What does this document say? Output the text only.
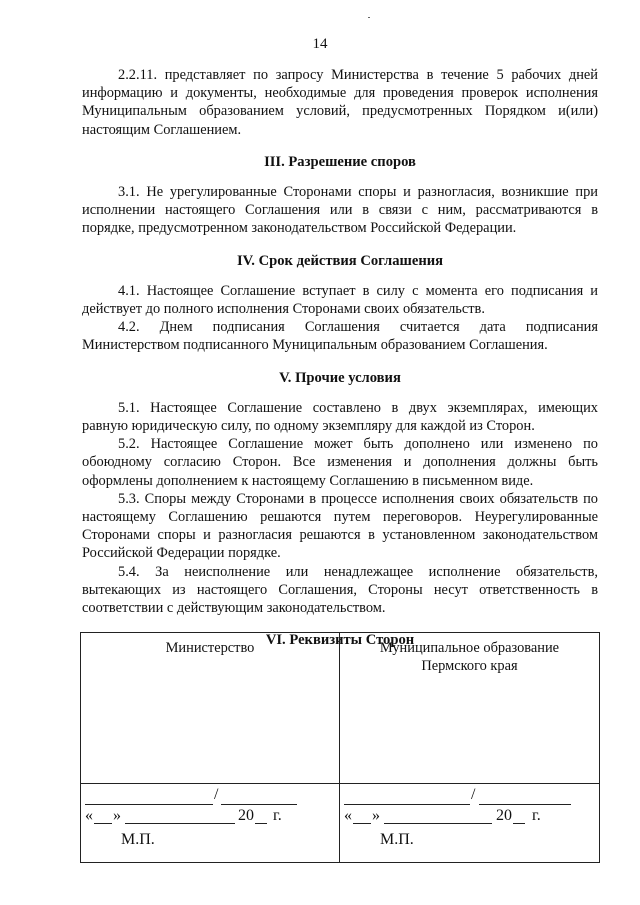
14

2.2.11. представляет по запросу Министерства в течение 5 рабочих дней информацию и документы, необходимые для проведения проверок исполнения Муниципальным образованием условий, предусмотренных Порядком и(или) настоящим Соглашением.

III. Разрешение споров

3.1. Не урегулированные Сторонами споры и разногласия, возникшие при исполнении настоящего Соглашения или в связи с ним, рассматриваются в порядке, предусмотренном законодательством Российской Федерации.

IV. Срок действия Соглашения

4.1. Настоящее Соглашение вступает в силу с момента его подписания и действует до полного исполнения Сторонами своих обязательств.

4.2. Днем подписания Соглашения считается дата подписания Министерством подписанного Муниципальным образованием Соглашения.

V. Прочие условия

5.1. Настоящее Соглашение составлено в двух экземплярах, имеющих равную юридическую силу, по одному экземпляру для каждой из Сторон.

5.2. Настоящее Соглашение может быть дополнено или изменено по обоюдному согласию Сторон. Все изменения и дополнения должны быть оформлены дополнением к настоящему Соглашению в письменном виде.

5.3. Споры между Сторонами в процессе исполнения своих обязательств по настоящему Соглашению решаются путем переговоров. Неурегулированные Сторонами споры и разногласия решаются в установленном законодательством Российской Федерации порядке.

5.4. За неисполнение или ненадлежащее исполнение обязательств, вытекающих из настоящего Соглашения, Стороны несут ответственность в соответствии с действующим законодательством.

VI. Реквизиты Сторон
Министерство
/
« »	20 г.
М.П.
Муниципальное образование
Пермского края
/
« »	20 г.
М.П.
